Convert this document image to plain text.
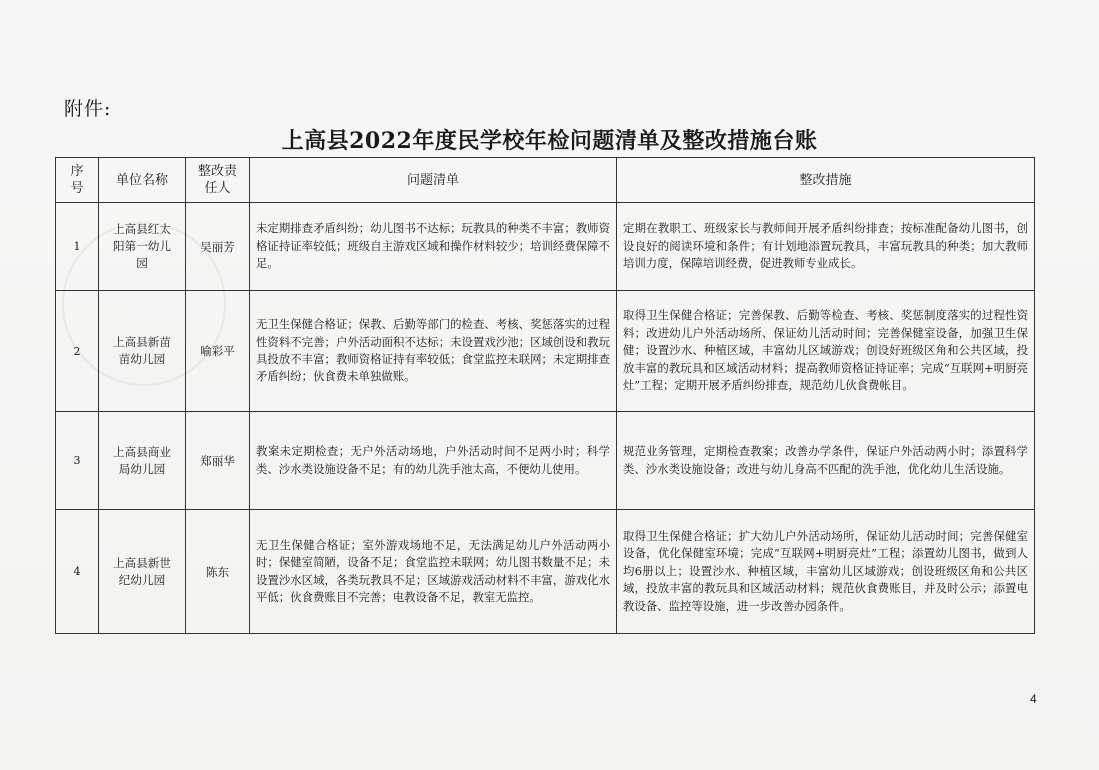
附件:
上高县2022年度民学校年检问题清单及整改措施台账
序号	单位名称	整改责任人	问题清单	整改措施
1	上高县红太阳第一幼儿园	吴丽芳	未定期排查矛盾纠纷；幼儿图书不达标；玩教具的种类不丰富；教师资格证持证率较低；班级自主游戏区域和操作材料较少；培训经费保障不足。	定期在教职工、班级家长与教师间开展矛盾纠纷排查；按标准配备幼儿图书，创设良好的阅读环境和条件；有计划地添置玩教具，丰富玩教具的种类；加大教师培训力度，保障培训经费，促进教师专业成长。
2	上高县新苗苗幼儿园	喻彩平	无卫生保健合格证；保教、后勤等部门的检查、考核、奖惩落实的过程性资料不完善；户外活动面积不达标；未设置戏沙池；区域创设和教玩具投放不丰富；教师资格证持有率较低；食堂监控未联网；未定期排查矛盾纠纷；伙食费未单独做账。	取得卫生保健合格证；完善保教、后勤等检查、考核、奖惩制度落实的过程性资料；改进幼儿户外活动场所、保证幼儿活动时间；完善保健室设备，加强卫生保健；设置沙水、种植区域，丰富幼儿区域游戏；创设好班级区角和公共区域，投放丰富的教玩具和区域活动材料；提高教师资格证持证率；完成“互联网+明厨亮灶”工程；定期开展矛盾纠纷排查，规范幼儿伙食费帐目。
3	上高县商业局幼儿园	郑丽华	教案未定期检查；无户外活动场地，户外活动时间不足两小时；科学类、沙水类设施设备不足；有的幼儿洗手池太高，不便幼儿使用。	规范业务管理，定期检查教案；改善办学条件，保证户外活动两小时；添置科学类、沙水类设施设备；改进与幼儿身高不匹配的洗手池，优化幼儿生活设施。
4	上高县新世纪幼儿园	陈东	无卫生保健合格证；室外游戏场地不足，无法满足幼儿户外活动两小时；保健室简陋，设备不足；食堂监控未联网；幼儿图书数量不足；未设置沙水区域，各类玩教具不足；区域游戏活动材料不丰富，游戏化水平低；伙食费账目不完善；电教设备不足，教室无监控。	取得卫生保健合格证；扩大幼儿户外活动场所，保证幼儿活动时间；完善保健室设备，优化保健室环境；完成“互联网+明厨亮灶”工程；添置幼儿图书，做到人均6册以上；设置沙水、种植区域，丰富幼儿区域游戏；创设班级区角和公共区域，投放丰富的教玩具和区域活动材料；规范伙食费账目，并及时公示；添置电教设备、监控等设施，进一步改善办园条件。
4
